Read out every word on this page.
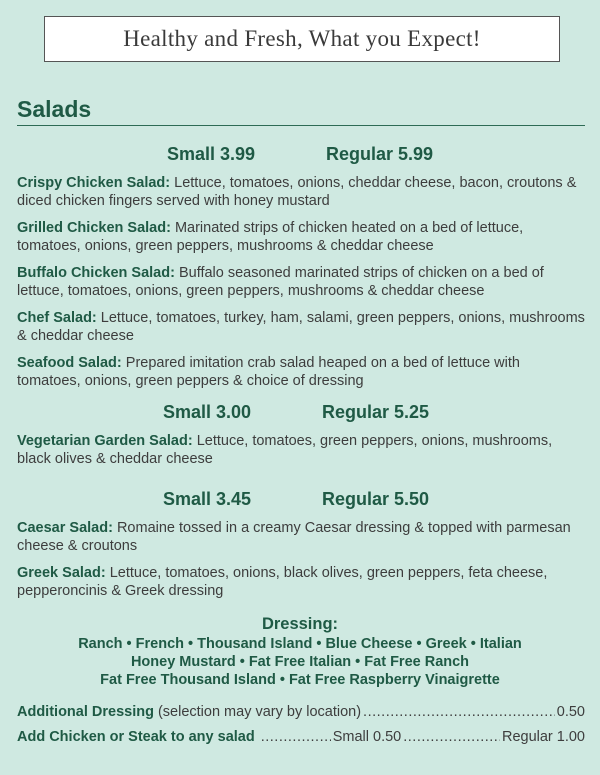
Healthy and Fresh, What you Expect!
Salads
Small 3.99	Regular 5.99
Crispy Chicken Salad: Lettuce, tomatoes, onions, cheddar cheese, bacon, croutons & diced chicken fingers served with honey mustard
Grilled Chicken Salad: Marinated strips of chicken heated on a bed of lettuce, tomatoes, onions, green peppers, mushrooms & cheddar cheese
Buffalo Chicken Salad: Buffalo seasoned marinated strips of chicken on a bed of lettuce, tomatoes, onions, green peppers, mushrooms & cheddar cheese
Chef Salad: Lettuce, tomatoes, turkey, ham, salami, green peppers, onions, mushrooms & cheddar cheese
Seafood Salad: Prepared imitation crab salad heaped on a bed of lettuce with tomatoes, onions, green peppers & choice of dressing
Small 3.00	Regular 5.25
Vegetarian Garden Salad: Lettuce, tomatoes, green peppers, onions, mushrooms, black olives & cheddar cheese
Small 3.45	Regular 5.50
Caesar Salad: Romaine tossed in a creamy Caesar dressing & topped with parmesan cheese & croutons
Greek Salad: Lettuce, tomatoes, onions, black olives, green peppers, feta cheese, pepperoncinis & Greek dressing
Dressing:
Ranch • French • Thousand Island • Blue Cheese • Greek • Italian
Honey Mustard • Fat Free Italian • Fat Free Ranch
Fat Free Thousand Island • Fat Free Raspberry Vinaigrette
Additional Dressing (selection may vary by location) .....	0.50
Add Chicken or Steak to any salad .....	Small 0.50 .....	Regular 1.00
